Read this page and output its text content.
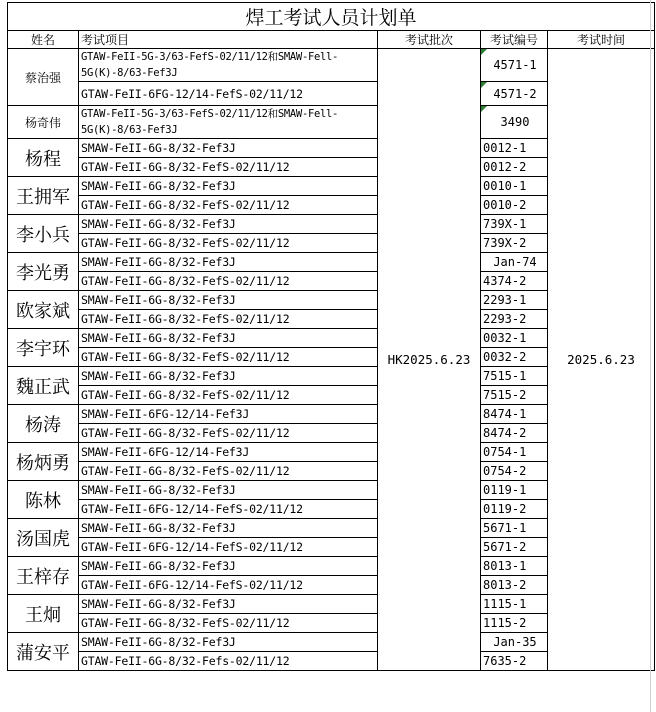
焊工考试人员计划单				
姓名	考试项目	考试批次	考试编号	考试时间
蔡治强	GTAW-FeII-5G-3/63-FefS-02/11/12和SMAW-Fell-5G(K)-8/63-Fef3J	HK2025.6.23	4571-1	2025.6.23
	GTAW-FeII-6FG-12/14-FefS-02/11/12		4571-2	
杨奇伟	GTAW-FeII-5G-3/63-FefS-02/11/12和SMAW-Fell-5G(K)-8/63-Fef3J		3490	
杨程	SMAW-FeII-6G-8/32-Fef3J		0012-1	
	GTAW-FeII-6G-8/32-FefS-02/11/12		0012-2	
王拥军	SMAW-FeII-6G-8/32-Fef3J		0010-1	
	GTAW-FeII-6G-8/32-FefS-02/11/12		0010-2	
李小兵	SMAW-FeII-6G-8/32-Fef3J		739X-1	
	GTAW-FeII-6G-8/32-FefS-02/11/12		739X-2	
李光勇	SMAW-FeII-6G-8/32-Fef3J		Jan-74	
	GTAW-FeII-6G-8/32-FefS-02/11/12		4374-2	
欧家斌	SMAW-FeII-6G-8/32-Fef3J		2293-1	
	GTAW-FeII-6G-8/32-FefS-02/11/12		2293-2	
李宇环	SMAW-FeII-6G-8/32-Fef3J		0032-1	
	GTAW-FeII-6G-8/32-FefS-02/11/12		0032-2	
魏正武	SMAW-FeII-6G-8/32-Fef3J		7515-1	
	GTAW-FeII-6G-8/32-FefS-02/11/12		7515-2	
杨涛	SMAW-FeII-6FG-12/14-Fef3J		8474-1	
	GTAW-FeII-6G-8/32-FefS-02/11/12		8474-2	
杨炳勇	SMAW-FeII-6FG-12/14-Fef3J		0754-1	
	GTAW-FeII-6G-8/32-FefS-02/11/12		0754-2	
陈林	SMAW-FeII-6G-8/32-Fef3J		0119-1	
	GTAW-FeII-6FG-12/14-FefS-02/11/12		0119-2	
汤国虎	SMAW-FeII-6G-8/32-Fef3J		5671-1	
	GTAW-FeII-6FG-12/14-FefS-02/11/12		5671-2	
王梓存	SMAW-FeII-6G-8/32-Fef3J		8013-1	
	GTAW-FeII-6FG-12/14-FefS-02/11/12		8013-2	
王炯	SMAW-FeII-6G-8/32-Fef3J		1115-1	
	GTAW-FeII-6G-8/32-FefS-02/11/12		1115-2	
蒲安平	SMAW-FeII-6G-8/32-Fef3J		Jan-35	
	GTAW-FeII-6G-8/32-Fefs-02/11/12		7635-2	
